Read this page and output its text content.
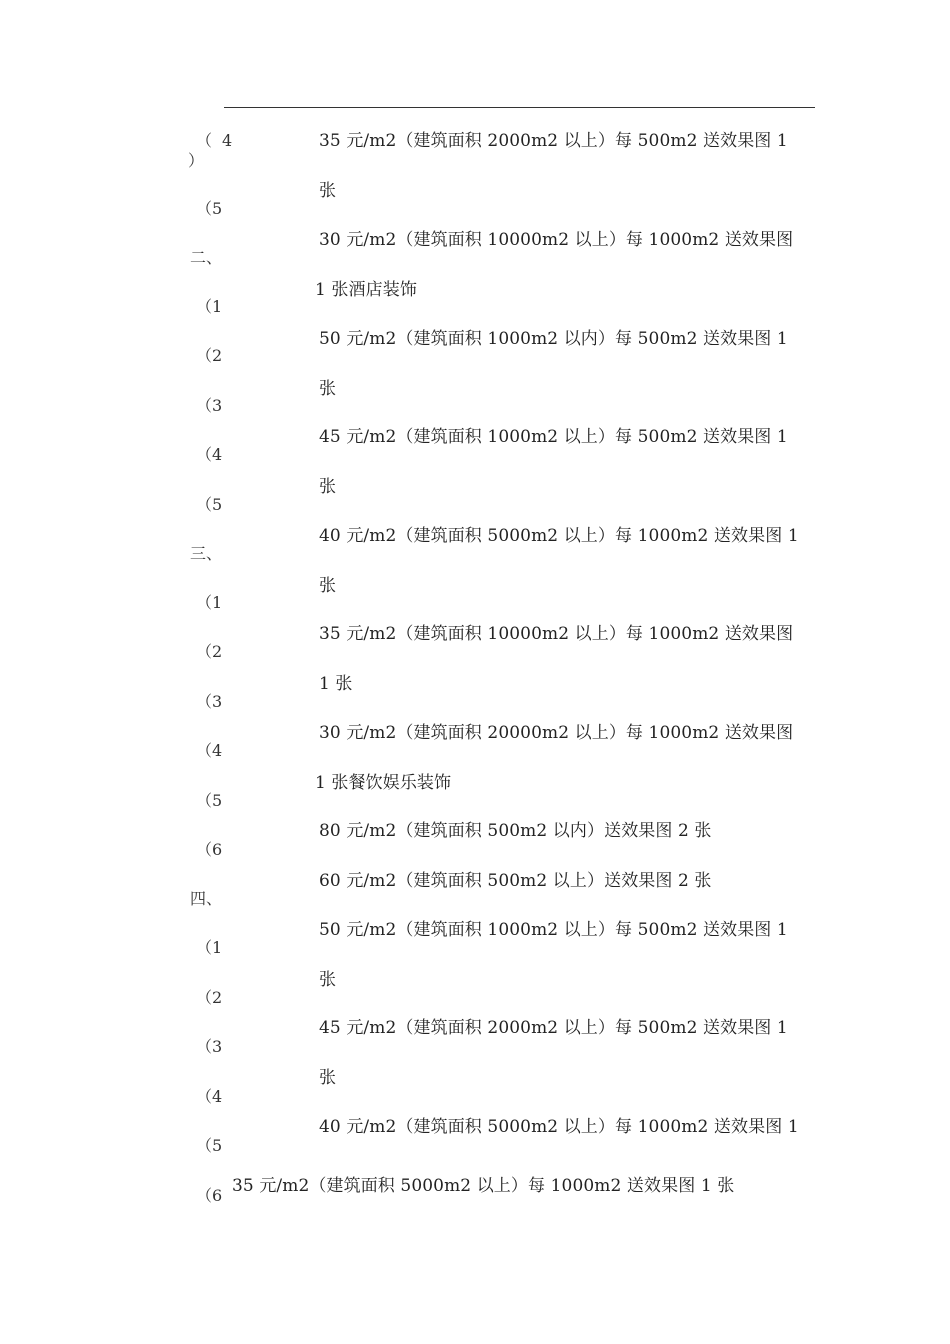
（ 4
）
（5
二、
（1
（2
（3
（4
（5
三、
（1
（2
（3
（4
（5
（6
四、
（1
（2
（3
（4
（5
（6
35 元/m2（建筑面积 2000m2 以上）每 500m2 送效果图 1
张
30 元/m2（建筑面积 10000m2 以上）每 1000m2 送效果图
1 张酒店装饰
50 元/m2（建筑面积 1000m2 以内）每 500m2 送效果图 1
张
45 元/m2（建筑面积 1000m2 以上）每 500m2 送效果图 1
张
40 元/m2（建筑面积 5000m2 以上）每 1000m2 送效果图 1
张
35 元/m2（建筑面积 10000m2 以上）每 1000m2 送效果图
1 张
30 元/m2（建筑面积 20000m2 以上）每 1000m2 送效果图
1 张餐饮娱乐装饰
80 元/m2（建筑面积 500m2 以内）送效果图 2 张
60 元/m2（建筑面积 500m2 以上）送效果图 2 张
50 元/m2（建筑面积 1000m2 以上）每 500m2 送效果图 1
张
45 元/m2（建筑面积 2000m2 以上）每 500m2 送效果图 1
张
40 元/m2（建筑面积 5000m2 以上）每 1000m2 送效果图 1
35 元/m2（建筑面积 5000m2 以上）每 1000m2 送效果图 1 张
